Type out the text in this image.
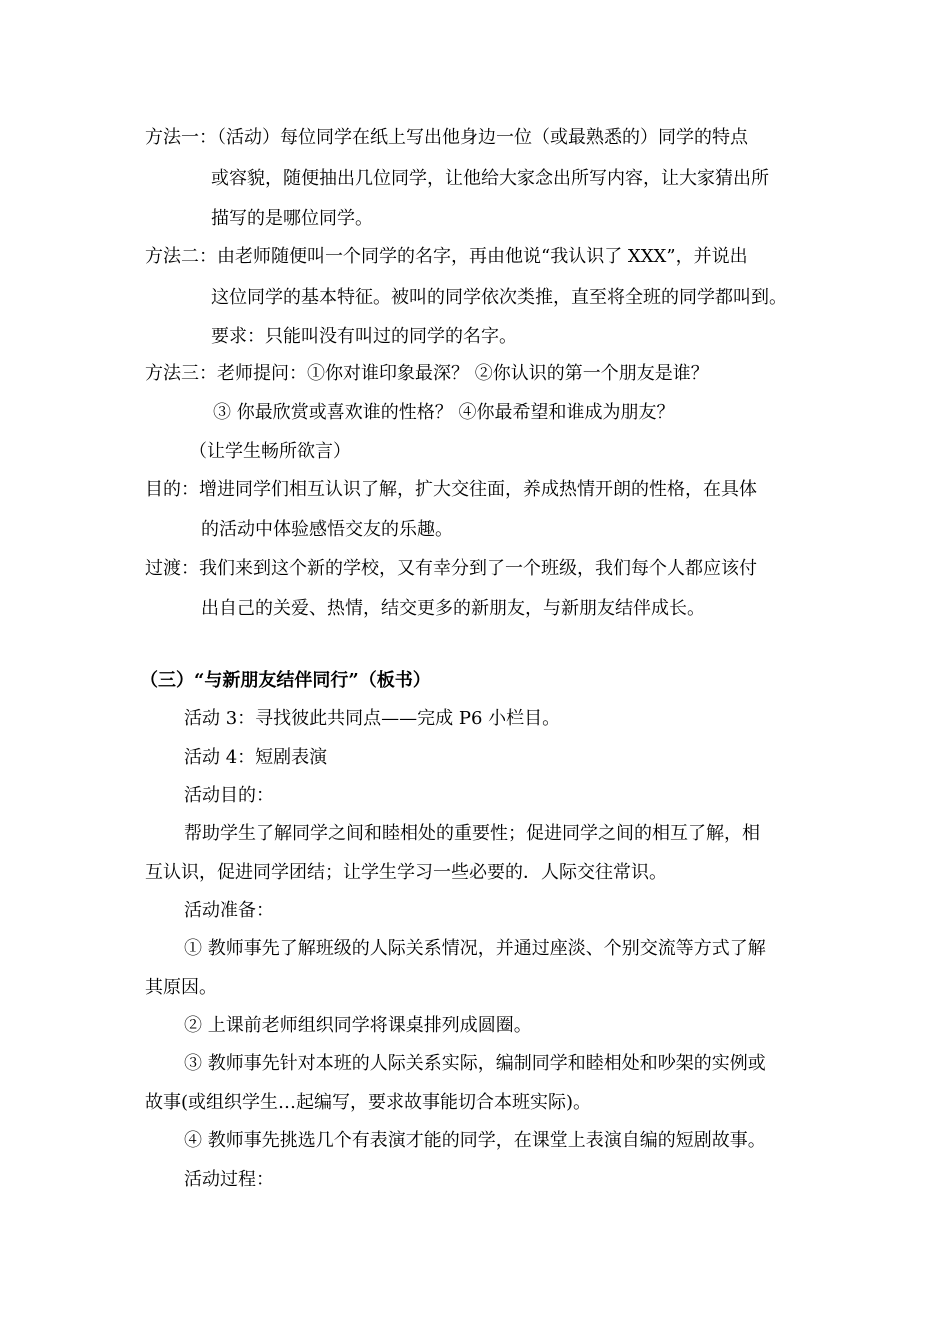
方法一：（活动）每位同学在纸上写出他身边一位（或最熟悉的）同学的特点
或容貌，随便抽出几位同学，让他给大家念出所写内容，让大家猜出所
描写的是哪位同学。
方法二：由老师随便叫一个同学的名字，再由他说“我认识了 XXX”，并说出
这位同学的基本特征。被叫的同学依次类推，直至将全班的同学都叫到。
要求：只能叫没有叫过的同学的名字。
方法三：老师提问：①你对谁印象最深？ ②你认识的第一个朋友是谁？
③ 你最欣赏或喜欢谁的性格？ ④你最希望和谁成为朋友？
（让学生畅所欲言）
目的：增进同学们相互认识了解，扩大交往面，养成热情开朗的性格，在具体
的活动中体验感悟交友的乐趣。
过渡：我们来到这个新的学校，又有幸分到了一个班级，我们每个人都应该付
出自己的关爱、热情，结交更多的新朋友，与新朋友结伴成长。
（三）“与新朋友结伴同行”（板书）
活动 3：寻找彼此共同点——完成 P6 小栏目。
活动 4：短剧表演
活动目的：
帮助学生了解同学之间和睦相处的重要性；促进同学之间的相互了解，相
互认识，促进同学团结；让学生学习一些必要的．人际交往常识。
活动准备：
① 教师事先了解班级的人际关系情况，并通过座淡、个别交流等方式了解
其原因。
② 上课前老师组织同学将课桌排列成圆圈。
③ 教师事先针对本班的人际关系实际，编制同学和睦相处和吵架的实例或
故事(或组织学生…起编写，要求故事能切合本班实际)。
④ 教师事先挑选几个有表演才能的同学，在课堂上表演自编的短剧故事。
活动过程：
